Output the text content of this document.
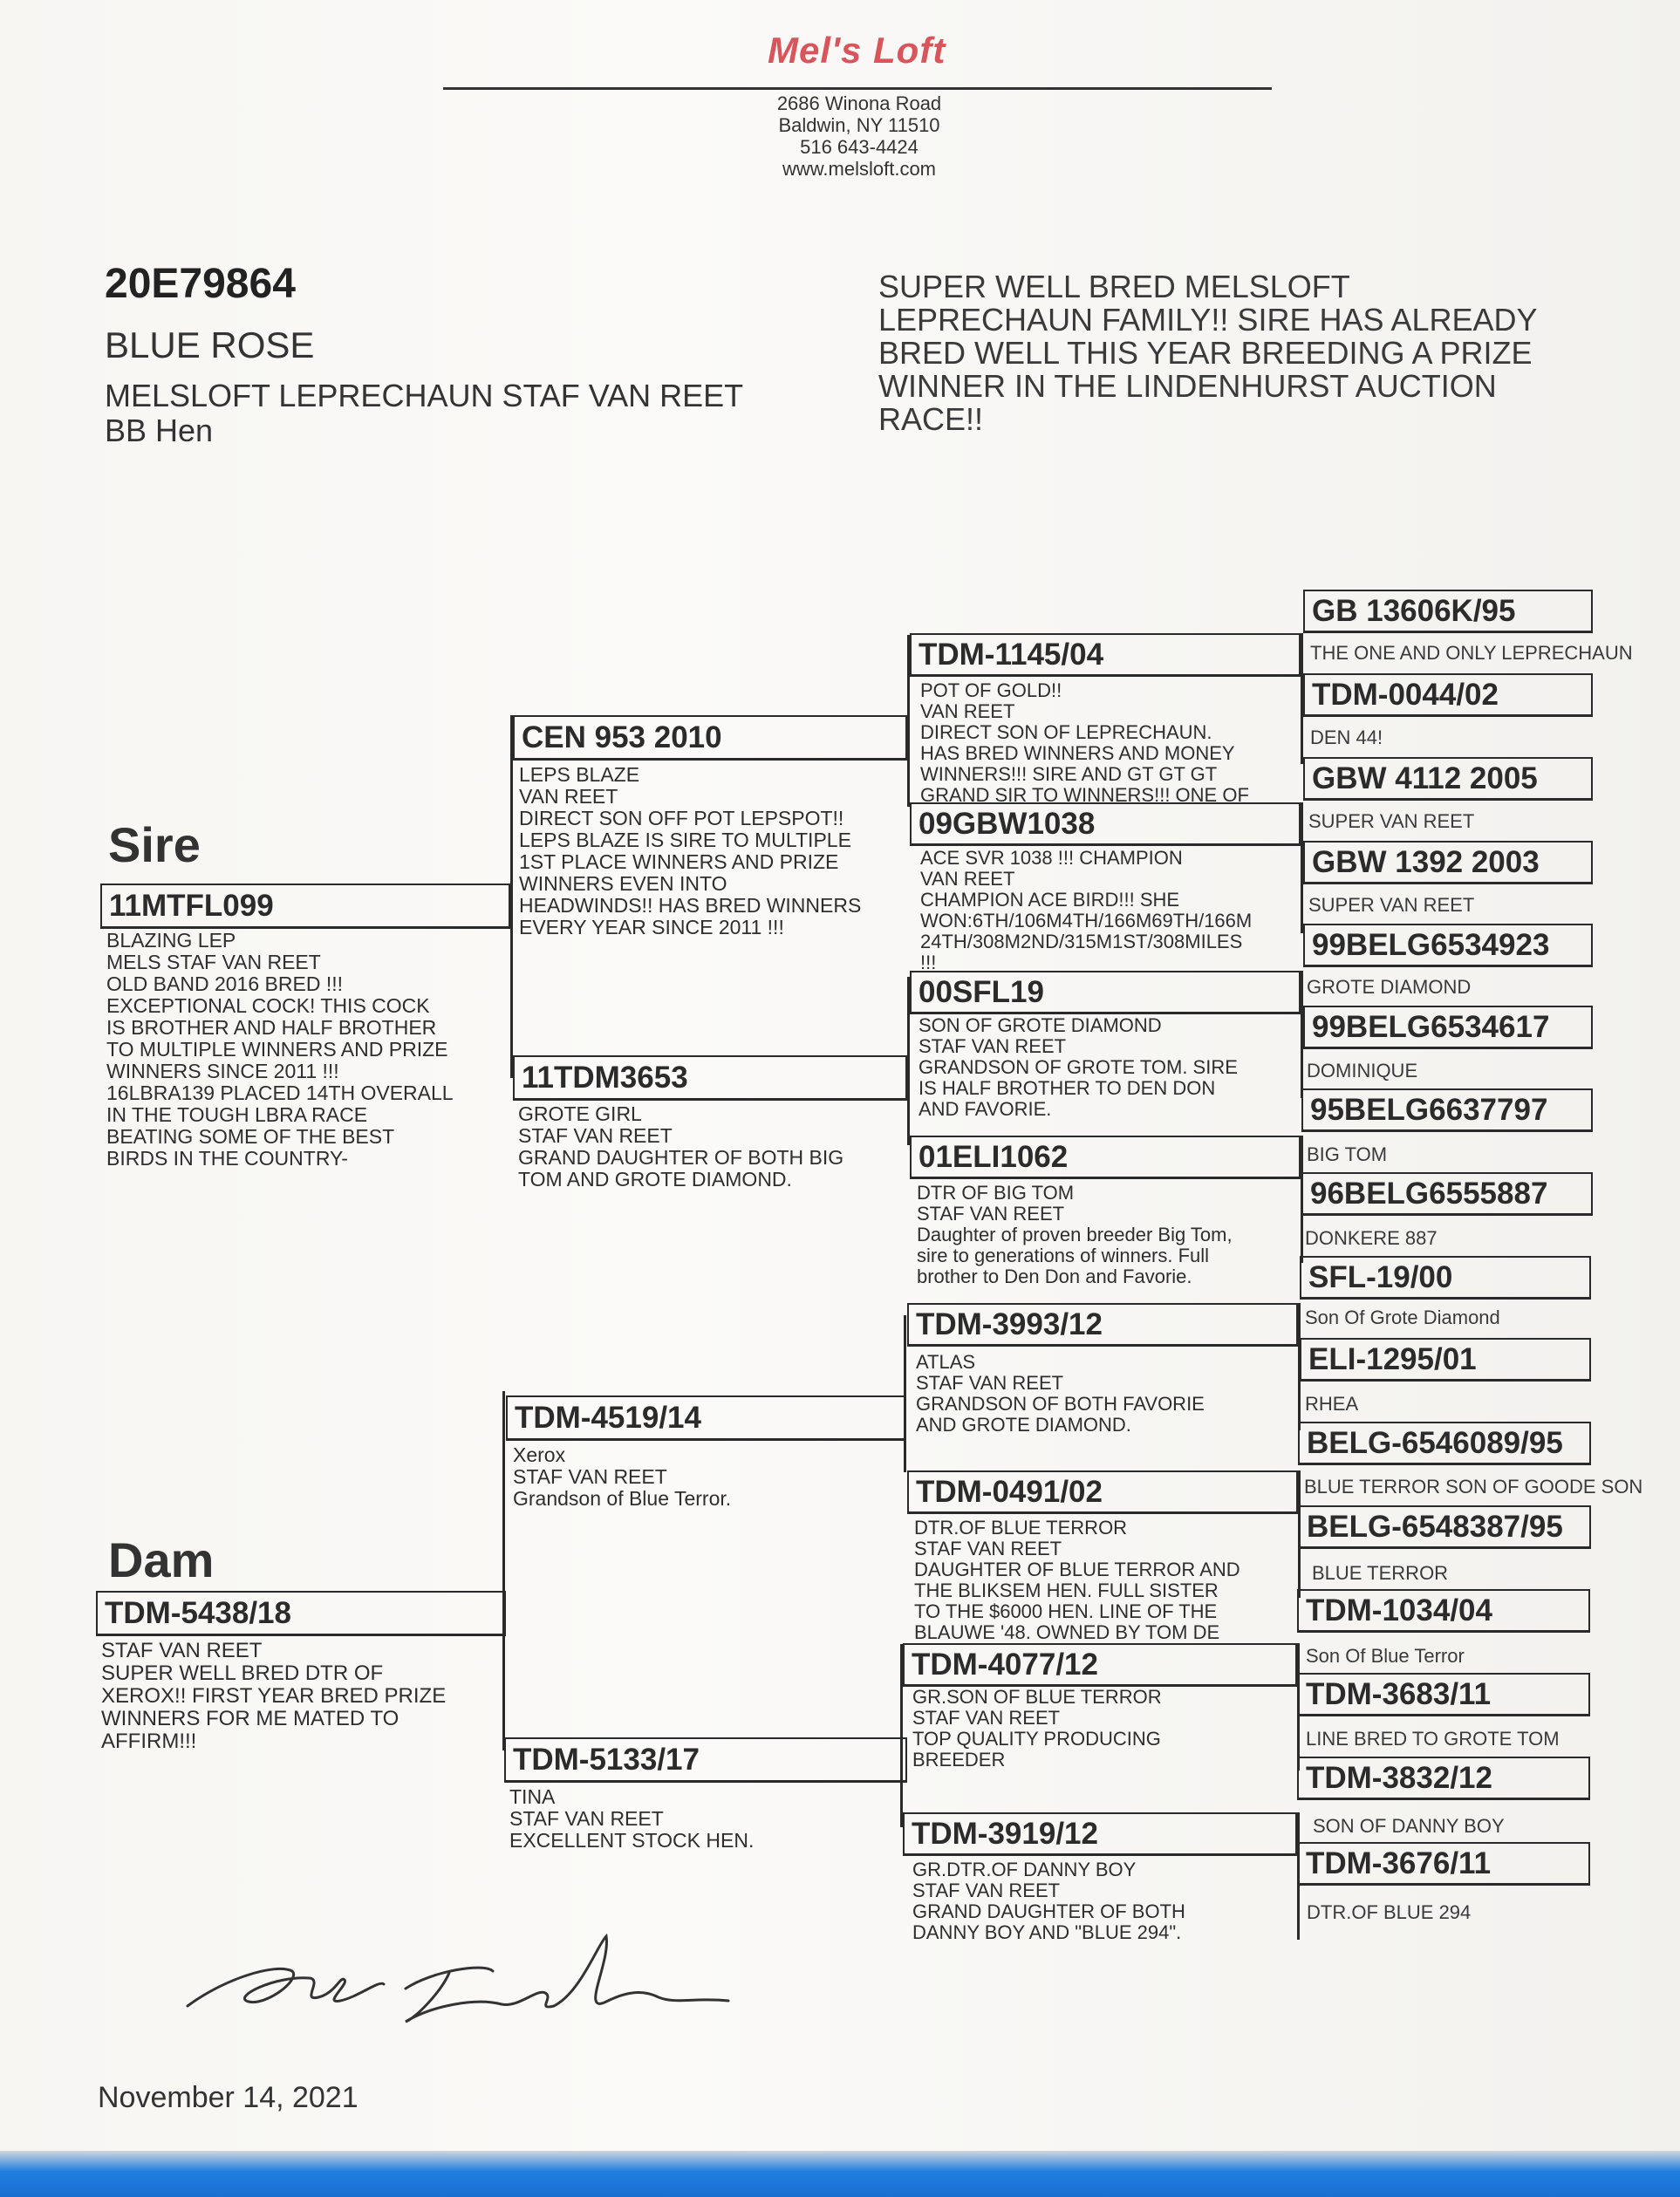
Mel's Loft
2686 Winona Road
Baldwin, NY 11510
516 643-4424
www.melsloft.com
20E79864
BLUE ROSE
MELSLOFT LEPRECHAUN STAF VAN REET
BB Hen
SUPER WELL BRED MELSLOFT
LEPRECHAUN FAMILY!! SIRE HAS ALREADY
BRED WELL THIS YEAR BREEDING A PRIZE
WINNER IN THE LINDENHURST AUCTION
RACE!!
Sire
Dam
11MTFL099
BLAZING LEP
MELS STAF VAN REET
OLD BAND 2016 BRED !!!
EXCEPTIONAL COCK! THIS COCK
IS BROTHER AND HALF BROTHER
TO MULTIPLE WINNERS AND PRIZE
WINNERS SINCE 2011 !!!
16LBRA139 PLACED 14TH OVERALL
IN THE TOUGH LBRA RACE
BEATING SOME OF THE BEST
BIRDS IN THE COUNTRY-
TDM-5438/18
STAF VAN REET
SUPER WELL BRED DTR OF
XEROX!! FIRST YEAR BRED PRIZE
WINNERS FOR ME MATED TO
AFFIRM!!!
CEN 953 2010
LEPS BLAZE
VAN REET
DIRECT SON OFF POT LEPSPOT!!
LEPS BLAZE IS SIRE TO MULTIPLE
1ST PLACE WINNERS AND PRIZE
WINNERS EVEN INTO
HEADWINDS!! HAS BRED WINNERS
EVERY YEAR SINCE 2011 !!!
11TDM3653
GROTE GIRL
STAF VAN REET
GRAND DAUGHTER OF BOTH BIG
TOM AND GROTE DIAMOND.
TDM-4519/14
Xerox
STAF VAN REET
Grandson of Blue Terror.
TDM-5133/17
TINA
STAF VAN REET
EXCELLENT STOCK HEN.
TDM-1145/04
POT OF GOLD!!
VAN REET
DIRECT SON OF LEPRECHAUN.
HAS BRED WINNERS AND MONEY
WINNERS!!! SIRE AND GT GT GT
GRAND SIR TO WINNERS!!! ONE OF
09GBW1038
ACE SVR 1038 !!! CHAMPION
VAN REET
CHAMPION ACE BIRD!!! SHE
WON:6TH/106M4TH/166M69TH/166M
24TH/308M2ND/315M1ST/308MILES
!!!
00SFL19
SON OF GROTE DIAMOND
STAF VAN REET
GRANDSON OF GROTE TOM. SIRE
IS HALF BROTHER TO DEN DON
AND FAVORIE.
01ELI1062
DTR OF BIG TOM
STAF VAN REET
Daughter of proven breeder Big Tom,
sire to generations of winners. Full
brother to Den Don and Favorie.
TDM-3993/12
ATLAS
STAF VAN REET
GRANDSON OF BOTH FAVORIE
AND GROTE DIAMOND.
TDM-0491/02
DTR.OF BLUE TERROR
STAF VAN REET
DAUGHTER OF BLUE TERROR AND
THE BLIKSEM HEN. FULL SISTER
TO THE $6000 HEN. LINE OF THE
BLAUWE '48. OWNED BY TOM DE
TDM-4077/12
GR.SON OF BLUE TERROR
STAF VAN REET
TOP QUALITY PRODUCING
BREEDER
TDM-3919/12
GR.DTR.OF DANNY BOY
STAF VAN REET
GRAND DAUGHTER OF BOTH
DANNY BOY AND "BLUE 294".
GB 13606K/95
THE ONE AND ONLY LEPRECHAUN
TDM-0044/02
DEN 44!
GBW 4112 2005
SUPER VAN REET
GBW 1392 2003
SUPER VAN REET
99BELG6534923
GROTE DIAMOND
99BELG6534617
DOMINIQUE
95BELG6637797
BIG TOM
96BELG6555887
DONKERE 887
SFL-19/00
Son Of Grote Diamond
ELI-1295/01
RHEA
BELG-6546089/95
BLUE TERROR SON OF GOODE SON
BELG-6548387/95
BLUE TERROR
TDM-1034/04
Son Of Blue Terror
TDM-3683/11
LINE BRED TO GROTE TOM
TDM-3832/12
SON OF DANNY BOY
TDM-3676/11
DTR.OF BLUE 294
November 14, 2021
